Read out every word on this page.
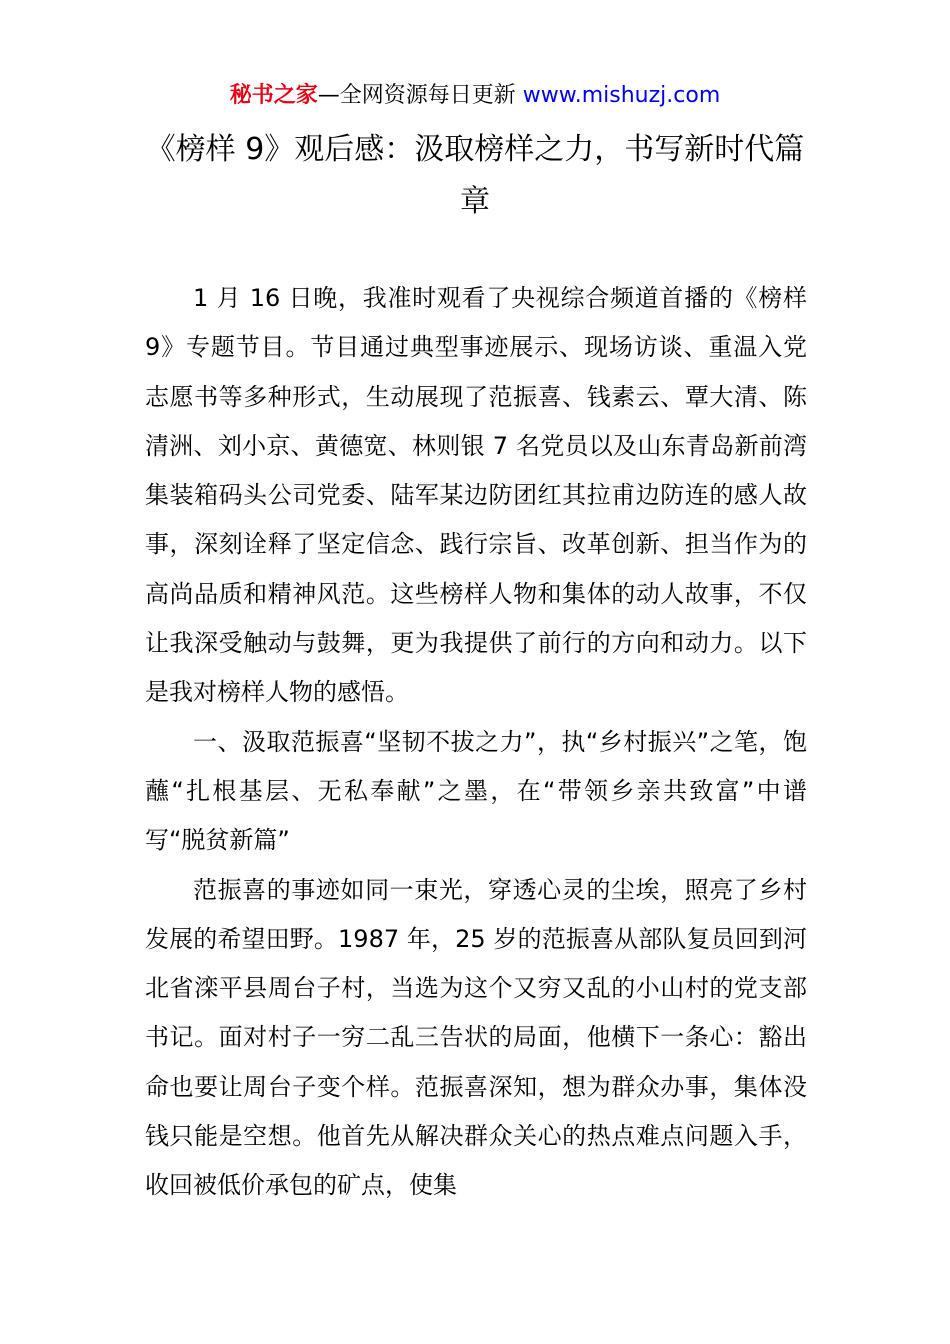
秘书之家—全网资源每日更新 www.mishuzj.com
《榜样 9》观后感：汲取榜样之力，书写新时代篇章

1 月 16 日晚，我准时观看了央视综合频道首播的《榜样 9》专题节目。节目通过典型事迹展示、现场访谈、重温入党志愿书等多种形式，生动展现了范振喜、钱素云、覃大清、陈清洲、刘小京、黄德宽、林则银 7 名党员以及山东青岛新前湾集装箱码头公司党委、陆军某边防团红其拉甫边防连的感人故事，深刻诠释了坚定信念、践行宗旨、改革创新、担当作为的高尚品质和精神风范。这些榜样人物和集体的动人故事，不仅让我深受触动与鼓舞，更为我提供了前行的方向和动力。以下是我对榜样人物的感悟。

一、汲取范振喜“坚韧不拔之力”，执“乡村振兴”之笔，饱蘸“扎根基层、无私奉献”之墨，在“带领乡亲共致富”中谱写“脱贫新篇”

范振喜的事迹如同一束光，穿透心灵的尘埃，照亮了乡村发展的希望田野。1987 年，25 岁的范振喜从部队复员回到河北省滦平县周台子村，当选为这个又穷又乱的小山村的党支部书记。面对村子一穷二乱三告状的局面，他横下一条心：豁出命也要让周台子变个样。范振喜深知，想为群众办事，集体没钱只能是空想。他首先从解决群众关心的热点难点问题入手，收回被低价承包的矿点，使集
